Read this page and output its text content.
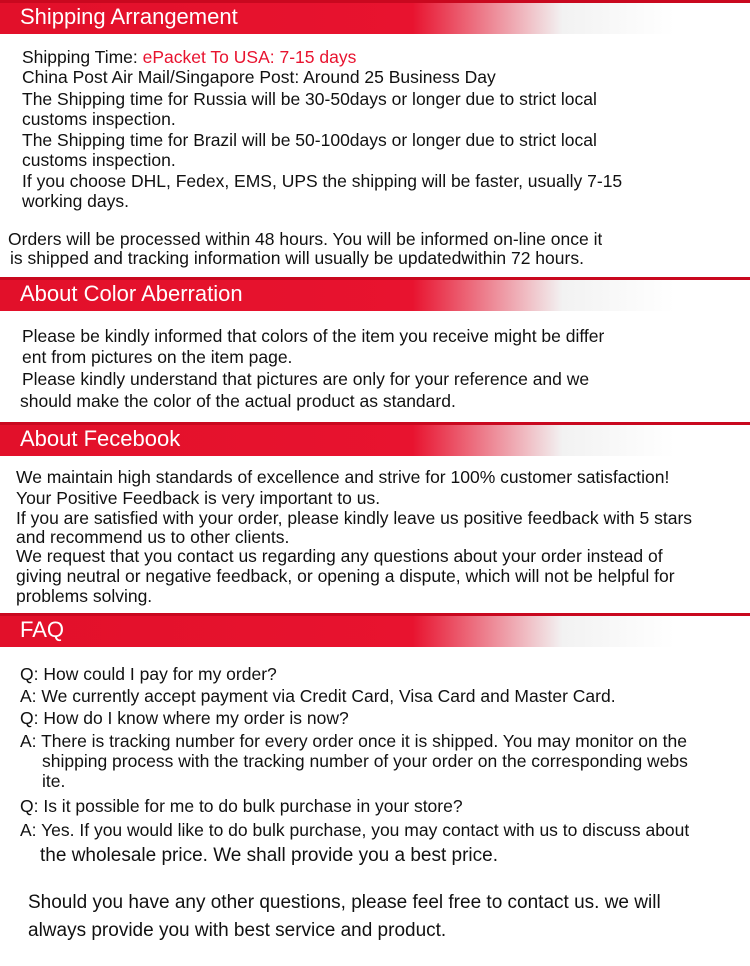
Shipping Arrangement
Shipping Time: ePacket To USA: 7-15 days
China Post Air Mail/Singapore Post: Around 25 Business Day
The Shipping time for Russia will be 30-50days or longer due to strict local
customs inspection.
The Shipping time for Brazil will be 50-100days or longer due to strict local
customs inspection.
If you choose DHL, Fedex, EMS, UPS the shipping will be faster, usually 7-15
working days.
Orders will be processed within 48 hours. You will be informed on-line once it
is shipped and tracking information will usually be updatedwithin 72 hours.
About Color Aberration
Please be kindly informed that colors of the item you receive might be differ
ent from pictures on the item page.
Please kindly understand that pictures are only for your reference and we
should make the color of the actual product as standard.
About Fecebook
We maintain high standards of excellence and strive for 100% customer satisfaction!
Your Positive Feedback is very important to us.
If you are satisfied with your order, please kindly leave us positive feedback with 5 stars
and recommend us to other clients.
We request that you contact us regarding any questions about your order instead of
giving neutral or negative feedback, or opening a dispute, which will not be helpful for
problems solving.
FAQ
Q: How could I pay for my order?
A: We currently accept payment via Credit Card, Visa Card and Master Card.
Q: How do I know where my order is now?
A: There is tracking number for every order once it is shipped. You may monitor on the
shipping process with the tracking number of your order on the corresponding webs
ite.
Q: Is it possible for me to do bulk purchase in your store?
A: Yes. If you would like to do bulk purchase, you may contact with us to discuss about
the wholesale price. We shall provide you a best price.
Should you have any other questions, please feel free to contact us. we will
always provide you with best service and product.
